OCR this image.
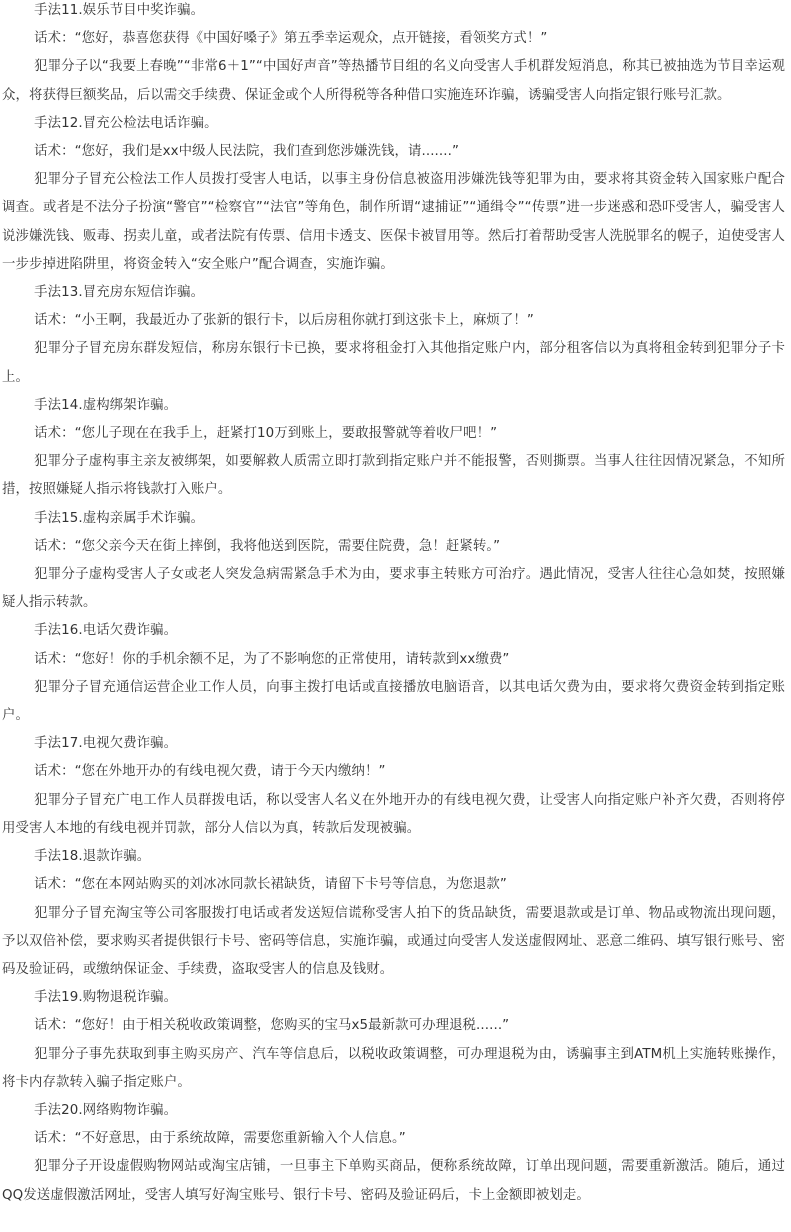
手法11.娱乐节目中奖诈骗。

话术：“您好，恭喜您获得《中国好嗓子》第五季幸运观众，点开链接，看领奖方式！”

犯罪分子以“我要上春晚”“非常6＋1”“中国好声音”等热播节目组的名义向受害人手机群发短消息，称其已被抽选为节目幸运观众，将获得巨额奖品，后以需交手续费、保证金或个人所得税等各种借口实施连环诈骗，诱骗受害人向指定银行账号汇款。

手法12.冒充公检法电话诈骗。

话术：“您好，我们是xx中级人民法院，我们查到您涉嫌洗钱，请.......”

犯罪分子冒充公检法工作人员拨打受害人电话，以事主身份信息被盗用涉嫌洗钱等犯罪为由，要求将其资金转入国家账户配合调查。或者是不法分子扮演“警官”“检察官”“法官”等角色，制作所谓“逮捕证”“通缉令”“传票”进一步迷惑和恐吓受害人，骗受害人说涉嫌洗钱、贩毒、拐卖儿童，或者法院有传票、信用卡透支、医保卡被冒用等。然后打着帮助受害人洗脱罪名的幌子，迫使受害人一步步掉进陷阱里，将资金转入“安全账户”配合调查，实施诈骗。

手法13.冒充房东短信诈骗。

话术：“小王啊，我最近办了张新的银行卡，以后房租你就打到这张卡上，麻烦了！”

犯罪分子冒充房东群发短信，称房东银行卡已换，要求将租金打入其他指定账户内，部分租客信以为真将租金转到犯罪分子卡上。

手法14.虚构绑架诈骗。

话术：“您儿子现在在我手上，赶紧打10万到账上，要敢报警就等着收尸吧！”

犯罪分子虚构事主亲友被绑架，如要解救人质需立即打款到指定账户并不能报警，否则撕票。当事人往往因情况紧急，不知所措，按照嫌疑人指示将钱款打入账户。

手法15.虚构亲属手术诈骗。

话术：“您父亲今天在街上摔倒，我将他送到医院，需要住院费，急！赶紧转。”

犯罪分子虚构受害人子女或老人突发急病需紧急手术为由，要求事主转账方可治疗。遇此情况，受害人往往心急如焚，按照嫌疑人指示转款。

手法16.电话欠费诈骗。

话术：“您好！你的手机余额不足，为了不影响您的正常使用，请转款到xx缴费”

犯罪分子冒充通信运营企业工作人员，向事主拨打电话或直接播放电脑语音，以其电话欠费为由，要求将欠费资金转到指定账户。

手法17.电视欠费诈骗。

话术：“您在外地开办的有线电视欠费，请于今天内缴纳！”

犯罪分子冒充广电工作人员群拨电话，称以受害人名义在外地开办的有线电视欠费，让受害人向指定账户补齐欠费，否则将停用受害人本地的有线电视并罚款，部分人信以为真，转款后发现被骗。

手法18.退款诈骗。

话术：“您在本网站购买的刘冰冰同款长裙缺货，请留下卡号等信息，为您退款”

犯罪分子冒充淘宝等公司客服拨打电话或者发送短信谎称受害人拍下的货品缺货，需要退款或是订单、物品或物流出现问题，予以双倍补偿，要求购买者提供银行卡号、密码等信息，实施诈骗，或通过向受害人发送虚假网址、恶意二维码、填写银行账号、密码及验证码，或缴纳保证金、手续费，盗取受害人的信息及钱财。

手法19.购物退税诈骗。

话术：“您好！由于相关税收政策调整，您购买的宝马x5最新款可办理退税......”

犯罪分子事先获取到事主购买房产、汽车等信息后，以税收政策调整，可办理退税为由，诱骗事主到ATM机上实施转账操作，将卡内存款转入骗子指定账户。

手法20.网络购物诈骗。

话术：“不好意思，由于系统故障，需要您重新输入个人信息。”

犯罪分子开设虚假购物网站或淘宝店铺，一旦事主下单购买商品，便称系统故障，订单出现问题，需要重新激活。随后，通过QQ发送虚假激活网址，受害人填写好淘宝账号、银行卡号、密码及验证码后，卡上金额即被划走。
